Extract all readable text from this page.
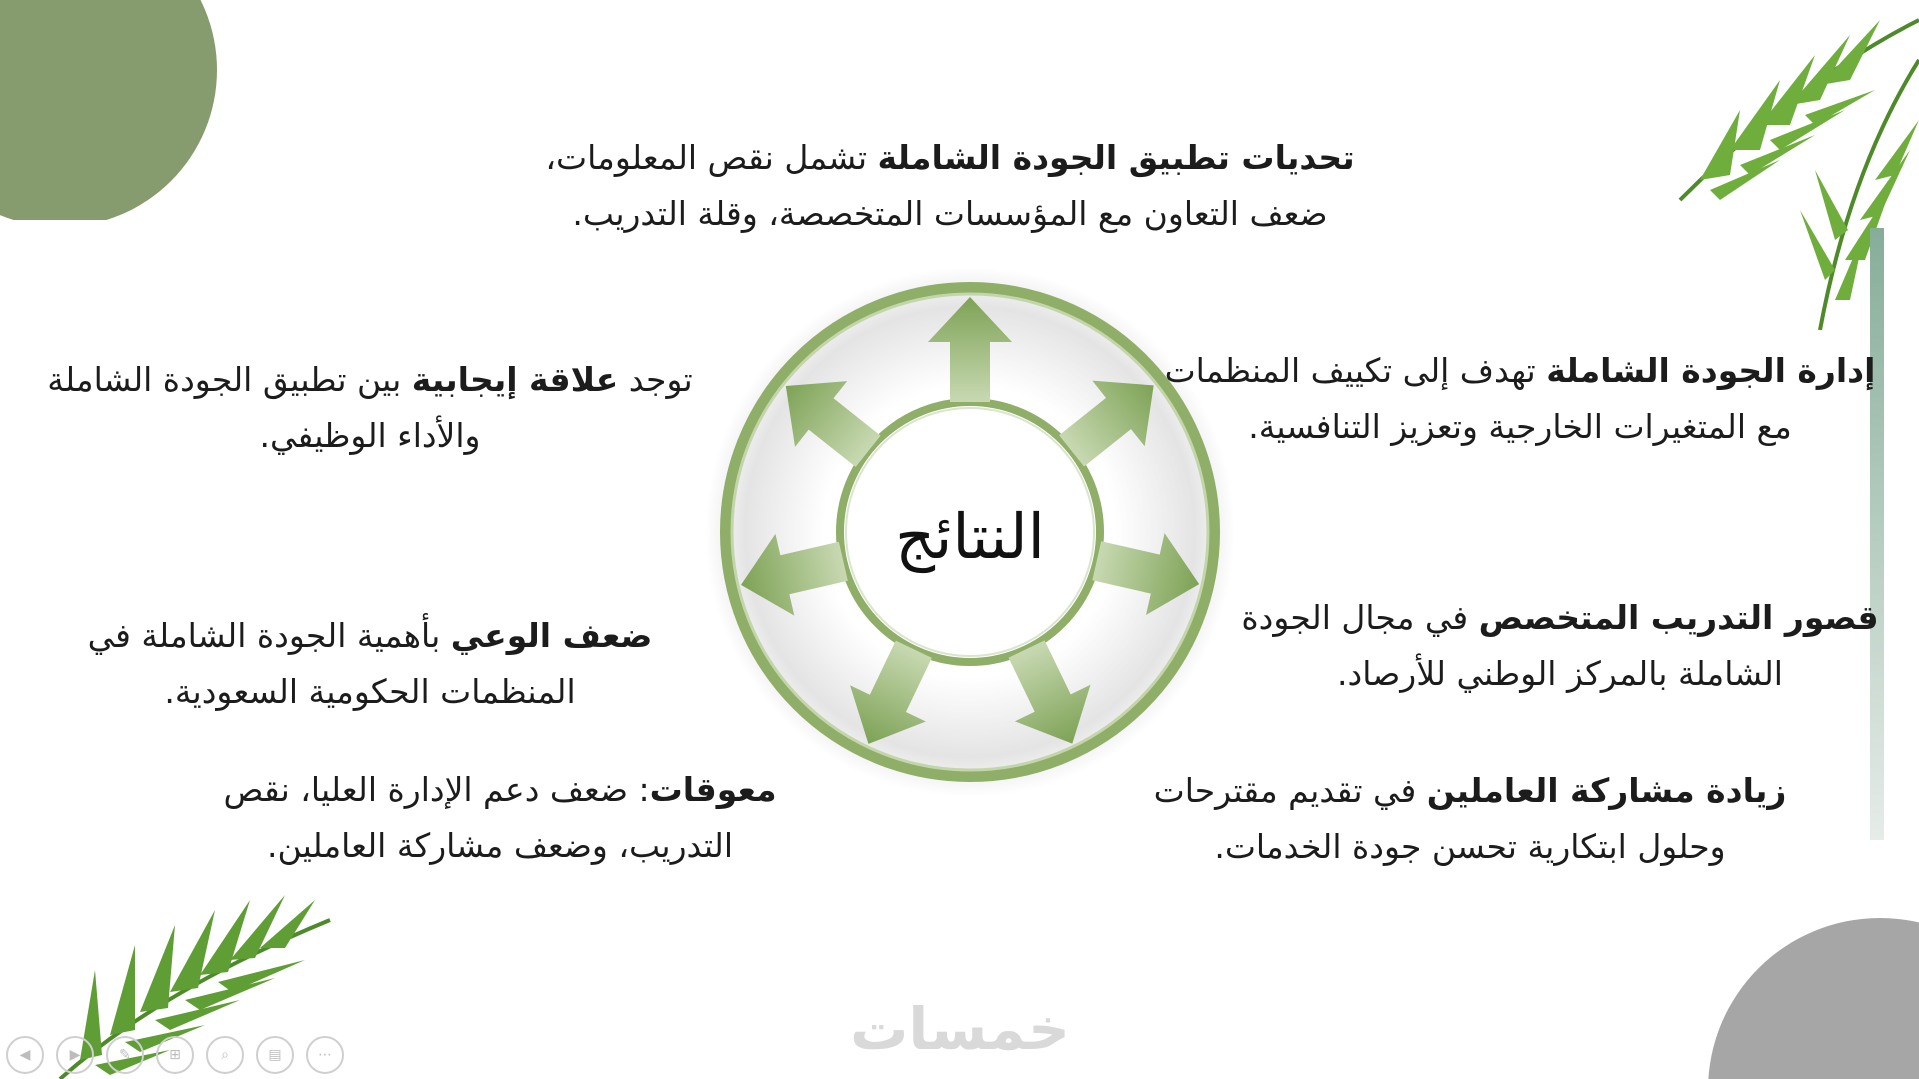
النتائج

تحديات تطبيق الجودة الشاملة تشمل نقص المعلومات،

ضعف التعاون مع المؤسسات المتخصصة، وقلة التدريب.

إدارة الجودة الشاملة تهدف إلى تكييف المنظمات

مع المتغيرات الخارجية وتعزيز التنافسية.

قصور التدريب المتخصص في مجال الجودة

الشاملة بالمركز الوطني للأرصاد.

زيادة مشاركة العاملين في تقديم مقترحات

وحلول ابتكارية تحسن جودة الخدمات.

توجد علاقة إيجابية بين تطبيق الجودة الشاملة

والأداء الوظيفي.

ضعف الوعي بأهمية الجودة الشاملة في

المنظمات الحكومية السعودية.

معوقات: ضعف دعم الإدارة العليا، نقص

التدريب، وضعف مشاركة العاملين.

خمسات
◀	▶	✎	⊞	⌕	▤	⋯
